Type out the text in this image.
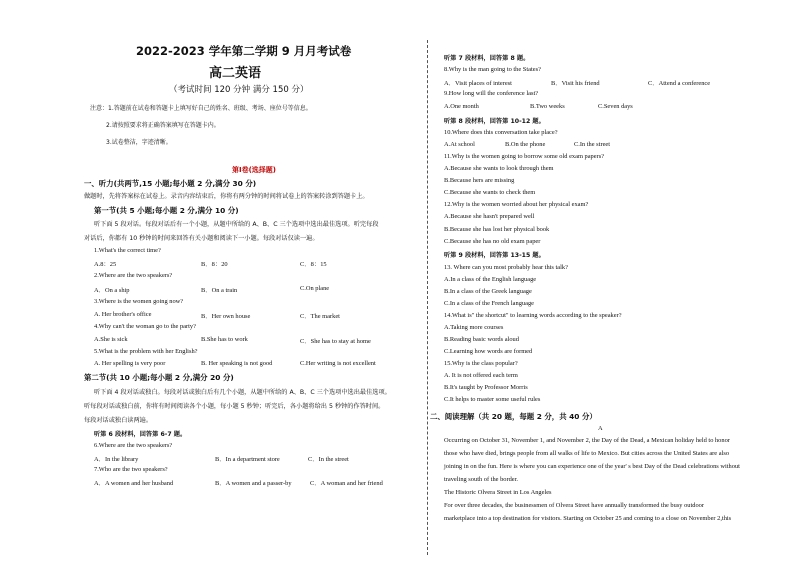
2022-2023 学年第二学期 9 月月考试卷
高二英语
（考试时间 120 分钟 满分 150 分）
注意：1.答题前在试卷和答题卡上填写好自己的姓名、班级、考场、座位号等信息。
2.请按照要求将正确答案填写在答题卡内。
3.试卷整洁，字迹清晰。
第Ⅰ卷(选择题)
一、听力(共两节,15 小题;每小题 2 分,满分 30 分)
做题时，先将答案标在试卷上。录音内容结束后，你将有两分钟的时间将试卷上的答案转涂到答题卡上。
第一节(共 5 小题;每小题 2 分,满分 10 分)
听下面 5 段对话。每段对话后有一个小题，从题中所给的 A、B、C 三个选项中选出最佳选项。听完每段
对话后，你都有 10 秒钟的时间来回答有关小题和阅读下一小题。每段对话仅读一遍。
1.What's the correct time?
A.8：25	B．8：20	C．8：15
2.Where are the two speakers?
A．On a ship	B．On a train	C.On plane
3.Where is the women going now?
A. Her brother's office	B．Her own house	C．The market
4.Why can't the woman go to the party?
A.She is sick	B.She has to work	C．She has to stay at home
5.What is the problem with her English?
A. Her spelling is very poor	B. Her speaking is not good	C.Her writing is not excellent
第二节(共 10 小题;每小题 2 分,满分 20 分)
听下面 4 段对话或独白。每段对话或独白后有几个小题，从题中所给的 A、B、C 三个选项中选出最佳选项。
听每段对话或独白前，你将有时间阅读各个小题，每小题 5 秒钟；听完后，各小题将给出 5 秒钟的作答时间。
每段对话或独白读两遍。
听第 6 段材料，回答第 6-7 题。
6.Where are the two speakers?
A．In the library	B．In a department store	C．In the street
7.Who are the two speakers?
A．A women and her husband	B．A women and a passer-by	C．A woman and her friend
听第 7 段材料，回答第 8 题。
8.Why is the man going to the States?
A．Visit places of interest	B．Visit his friend	C．Attend a conference
9.How long will the conference last?
A.One month	B.Two weeks	C.Seven days
听第 8 段材料，回答第 10-12 题。
10.Where does this conversation take place?
A.At school	B.On the phone	C.In the street
11.Why is the women going to borrow some old exam papers?
A.Because she wants to look through them
B.Because hers are missing
C.Because she wants to check them
12.Why is the women worried about her physical exam?
A.Because she hasn't prepared well
B.Because she has lost her physical book
C.Because she has no old exam paper
听第 9 段材料，回答第 13-15 题。
13. Where can you most probably hear this talk?
A.In a class of the English language
B.In a class of the Greek language
C.In a class of the French language
14.What is" the shortcut" to learning words according to the speaker?
A.Taking more courses
B.Reading basic words aloud
C.Learning how words are formed
15.Why is the class popular?
A. It is not offered each term
B.It's taught by Professor Morris
C.It helps to master some useful rules
二、阅读理解（共 20 题，每题 2 分，共 40 分）
A
Occurring on October 31, November 1, and November 2, the Day of the Dead, a Mexican holiday held to honor
those who have died, brings people from all walks of life to Mexico. But cities across the United States are also
joining in on the fun. Here is where you can experience one of the year' s best Day of the Dead celebrations without
traveling south of the border.
The Historic Olvera Street in Los Angeles
For over three decades, the businessmen of Olvera Street have annually transformed the busy outdoor
marketplace into a top destination for visitors. Starting on October 25 and coming to a close on November 2,this
